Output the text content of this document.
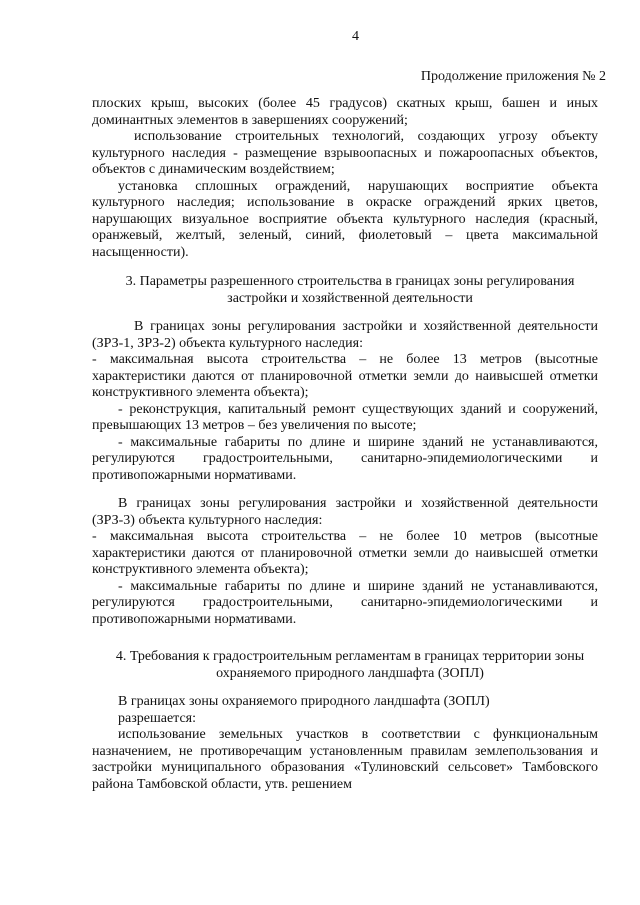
4
Продолжение приложения № 2

плоских крыш, высоких (более 45 градусов) скатных крыш, башен и иных доминантных элементов в завершениях сооружений;

использование строительных технологий, создающих угрозу объекту культурного наследия - размещение взрывоопасных и пожароопасных объектов, объектов с динамическим воздействием;

установка сплошных ограждений, нарушающих восприятие объекта культурного наследия; использование в окраске ограждений ярких цветов, нарушающих визуальное восприятие объекта культурного наследия (красный, оранжевый, желтый, зеленый, синий, фиолетовый – цвета максимальной насыщенности).

3. Параметры разрешенного строительства в границах зоны регулирования застройки и хозяйственной деятельности

В границах зоны регулирования застройки и хозяйственной деятельности (ЗРЗ-1, ЗРЗ-2) объекта культурного наследия:

- максимальная высота строительства – не более 13 метров (высотные характеристики даются от планировочной отметки земли до наивысшей отметки конструктивного элемента объекта);

- реконструкция, капитальный ремонт существующих зданий и сооружений, превышающих 13 метров – без увеличения по высоте;

- максимальные габариты по длине и ширине зданий не устанавливаются, регулируются градостроительными, санитарно-эпидемиологическими и противопожарными нормативами.

В границах зоны регулирования застройки и хозяйственной деятельности (ЗРЗ-3) объекта культурного наследия:

- максимальная высота строительства – не более 10 метров (высотные характеристики даются от планировочной отметки земли до наивысшей отметки конструктивного элемента объекта);

- максимальные габариты по длине и ширине зданий не устанавливаются, регулируются градостроительными, санитарно-эпидемиологическими и противопожарными нормативами.

4. Требования к градостроительным регламентам в границах территории зоны охраняемого природного ландшафта (ЗОПЛ)

В границах зоны охраняемого природного ландшафта (ЗОПЛ)

разрешается:

использование земельных участков в соответствии с функциональным назначением, не противоречащим установленным правилам землепользования и застройки муниципального образования «Тулиновский сельсовет» Тамбовского района Тамбовской области, утв. решением
